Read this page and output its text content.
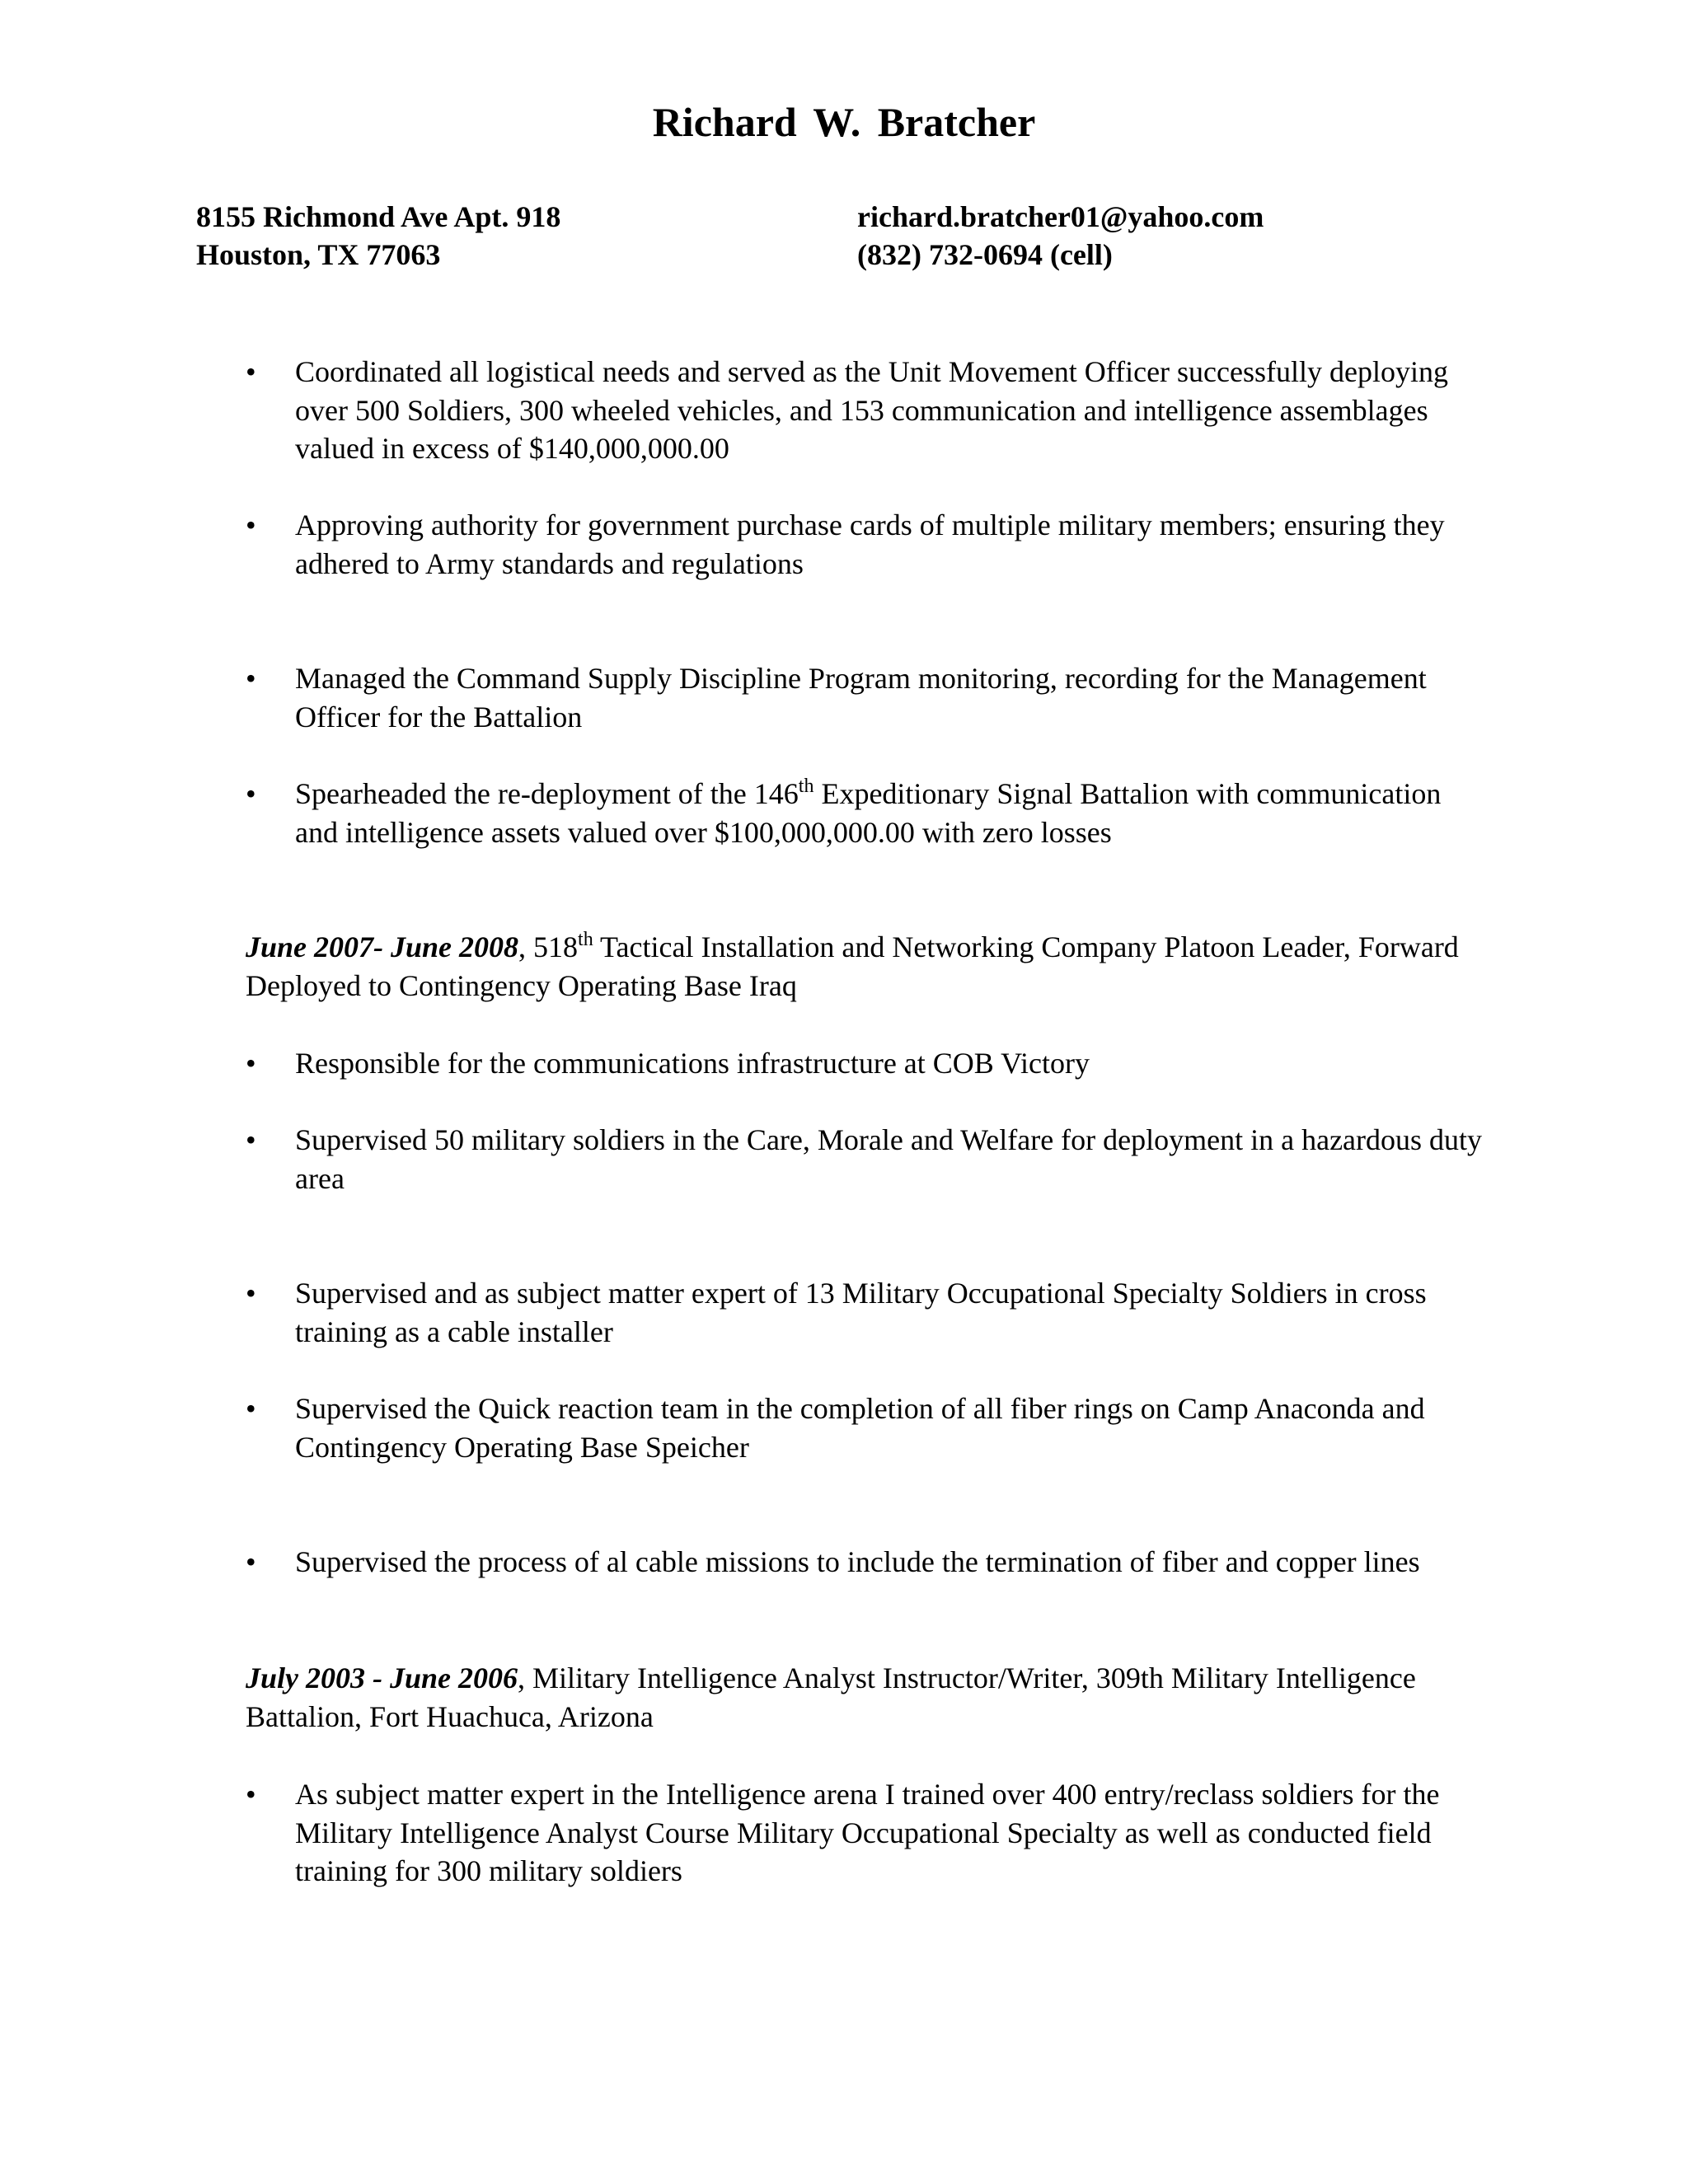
Richard W. Bratcher
8155 Richmond Ave Apt. 918
Houston, TX 77063
richard.bratcher01@yahoo.com
(832) 732-0694 (cell)
•	Coordinated all logistical needs and served as the Unit Movement Officer successfully deploying over 500 Soldiers, 300 wheeled vehicles, and 153 communication and intelligence assemblages valued in excess of $140,000,000.00
•	Approving authority for government purchase cards of multiple military members; ensuring they adhered to Army standards and regulations
•	Managed the Command Supply Discipline Program monitoring, recording for the Management Officer for the Battalion
•	Spearheaded the re-deployment of the 146th Expeditionary Signal Battalion with communication and intelligence assets valued over $100,000,000.00 with zero losses
June 2007- June 2008, 518th Tactical Installation and Networking Company Platoon Leader, Forward Deployed to Contingency Operating Base Iraq
•	Responsible for the communications infrastructure at COB Victory
•	Supervised 50 military soldiers in the Care, Morale and Welfare for deployment in a hazardous duty area
•	Supervised and as subject matter expert of 13 Military Occupational Specialty Soldiers in cross training as a cable installer
•	Supervised the Quick reaction team in the completion of all fiber rings on Camp Anaconda and Contingency Operating Base Speicher
•	Supervised the process of al cable missions to include the termination of fiber and copper lines
July 2003 - June 2006, Military Intelligence Analyst Instructor/Writer, 309th Military Intelligence Battalion, Fort Huachuca, Arizona
•	As subject matter expert in the Intelligence arena I trained over 400 entry/reclass soldiers for the Military Intelligence Analyst Course Military Occupational Specialty as well as conducted field training for 300 military soldiers
